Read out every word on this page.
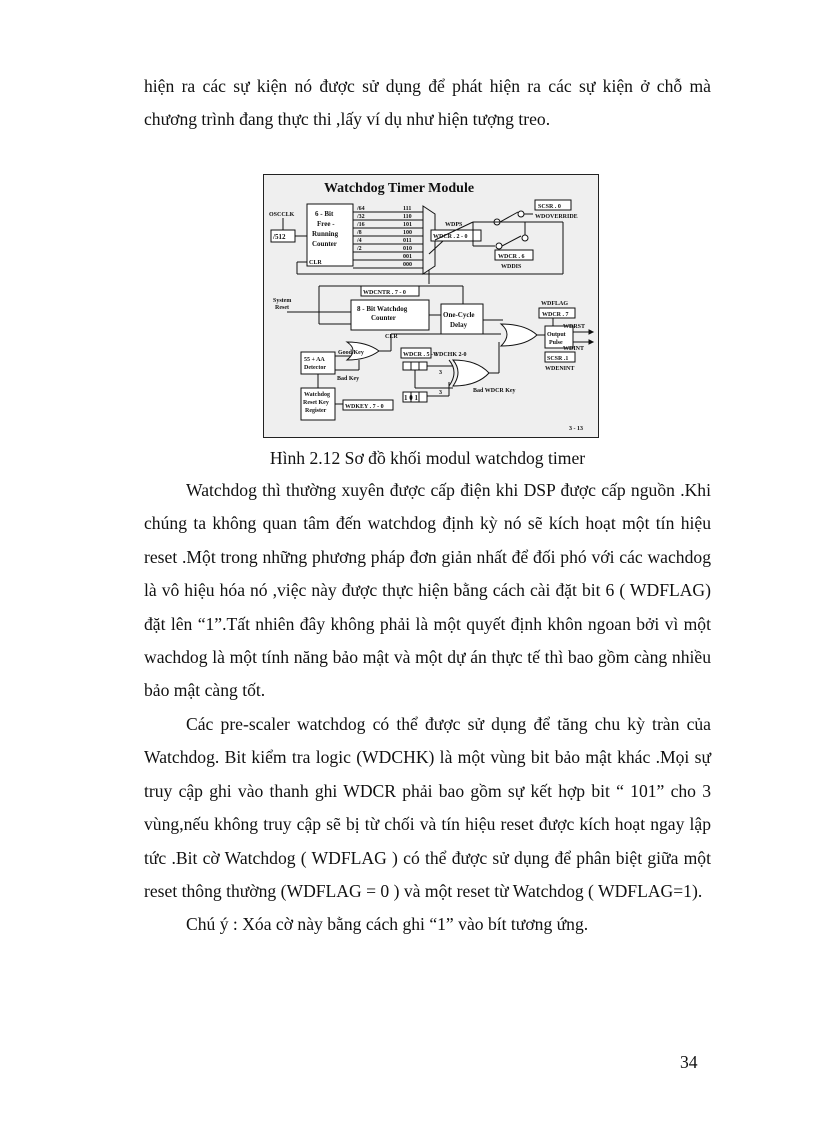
hiện ra các sự kiện nó được sử dụng để phát hiện ra các sự kiện ở chỗ mà
chương trình đang thực thi ,lấy ví dụ như hiện tượng treo.

Watchdog Timer Module
OSCCLK
/512
6 - Bit
Free -
Running
Counter
CLR
/64
/32
/16
/8
/4
/2
111
110
101
100
011
010
001
000
WDPS
WDCR . 2 - 0
SCSR . 0
WDOVERRIDE
WDCR . 6
WDDIS
WDCNTR . 7 - 0
System
Reset	8 - Bit Watchdog
Counter
CLR
One-Cycle
Delay
WDFLAG
WDCR . 7
WDRST
Output
Pulse
WDINT
SCSR .1
WDENINT
WDCR . 5 - 3
WDCHK 2-0
55 + AA
Detector
Good Key
Bad Key
Watchdog
Reset Key
Register
WDKEY . 7 - 0
3
3
1 0 1
Bad WDCR Key
3 - 13
Hình 2.12 Sơ đồ khối modul watchdog timer

Watchdog thì thường xuyên được cấp điện khi DSP được cấp nguồn .Khi
chúng ta không quan tâm đến watchdog định kỳ nó sẽ kích hoạt một tín hiệu
reset .Một trong những phương pháp đơn giản nhất để đối phó với các wachdog
là vô hiệu hóa nó ,việc này được thực hiện bằng cách cài đặt bit 6 ( WDFLAG)
đặt lên “1”.Tất nhiên đây không phải là một quyết định khôn ngoan bởi vì một
wachdog là một tính năng bảo mật và một dự án thực tế thì bao gồm càng nhiều
bảo mật càng tốt.

Các pre-scaler watchdog có thể được sử dụng để tăng chu kỳ tràn của
Watchdog. Bit kiểm tra logic (WDCHK) là một vùng bit bảo mật khác .Mọi sự
truy cập ghi vào thanh ghi WDCR phải bao gồm sự kết hợp bit “ 101” cho 3
vùng,nếu không truy cập sẽ bị từ chối và tín hiệu reset được kích hoạt ngay lập
tức .Bit cờ Watchdog ( WDFLAG ) có thể được sử dụng để phân biệt giữa một
reset thông thường (WDFLAG = 0 ) và một reset từ Watchdog ( WDFLAG=1).

Chú ý : Xóa cờ này bằng cách ghi “1” vào bít tương ứng.

34
